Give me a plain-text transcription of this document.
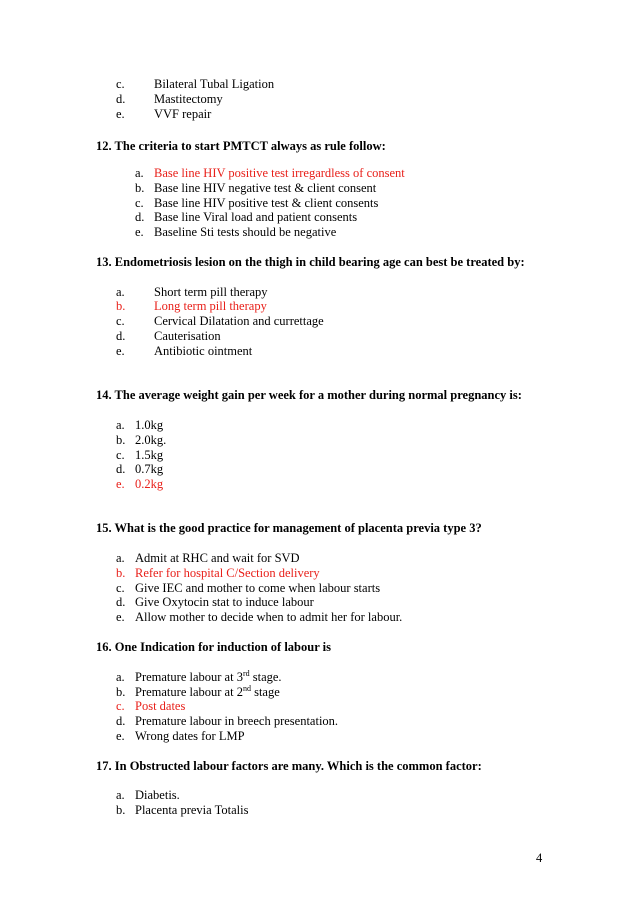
c. Bilateral Tubal Ligation
d. Mastitectomy
e. VVF repair
12. The criteria to start PMTCT always as rule follow:
a. Base line HIV positive test irregardless of consent
b. Base line HIV negative test & client consent
c. Base line HIV positive test & client consents
d. Base line Viral load and patient consents
e. Baseline Sti tests should be negative
13. Endometriosis lesion on the thigh in child bearing age can best be treated by:
a. Short term pill therapy
b. Long term pill therapy
c. Cervical Dilatation and currettage
d. Cauterisation
e. Antibiotic ointment
14. The average weight gain per week for a mother during normal pregnancy is:
a. 1.0kg
b. 2.0kg.
c. 1.5kg
d. 0.7kg
e. 0.2kg
15. What is the good practice for management of placenta previa type 3?
a. Admit at RHC and wait for SVD
b. Refer for hospital C/Section delivery
c. Give IEC and mother to come when labour starts
d. Give Oxytocin stat to induce labour
e. Allow mother to decide when to admit her for labour.
16. One Indication for induction of labour is
a. Premature labour at 3rd stage.
b. Premature labour at 2nd stage
c. Post dates
d. Premature labour in breech presentation.
e. Wrong dates for LMP
17. In Obstructed labour factors are many. Which is the common factor:
a. Diabetis.
b. Placenta previa Totalis
4
